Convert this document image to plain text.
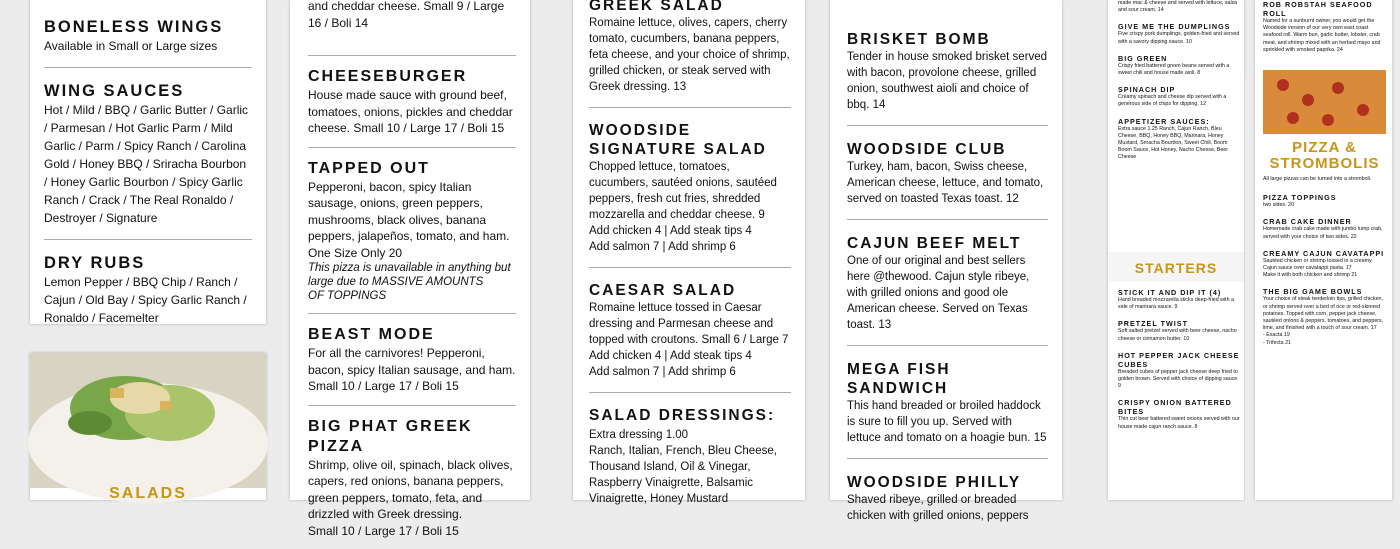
BONELESS WINGS
Available in Small or Large sizes
WING SAUCES
Hot / Mild / BBQ / Garlic Butter / Garlic / Parmesan / Hot Garlic Parm / Mild Garlic / Parm / Spicy Ranch / Carolina Gold / Honey BBQ / Sriracha Bourbon / Honey Garlic Bourbon / Spicy Garlic Ranch / Crack / The Real Ronaldo / Destroyer / Signature
DRY RUBS
Lemon Pepper / BBQ Chip / Ranch / Cajun / Old Bay / Spicy Garlic Ranch / Ronaldo / Facemelter
SALADS
and cheddar cheese. Small 9 / Large 16 / Boli 14
CHEESEBURGER
House made sauce with ground beef, tomatoes, onions, pickles and cheddar cheese. Small 10 / Large 17 / Boli 15
TAPPED OUT
Pepperoni, bacon, spicy Italian sausage, onions, green peppers, mushrooms, black olives, banana peppers, jalapeños, tomato, and ham. One Size Only 20
This pizza is unavailable in anything but large due to MASSIVE AMOUNTS
OF TOPPINGS
BEAST MODE
For all the carnivores! Pepperoni, bacon, spicy Italian sausage, and ham. Small 10 / Large 17 / Boli 15
BIG PHAT GREEK PIZZA
Shrimp, olive oil, spinach, black olives, capers, red onions, banana peppers, green peppers, tomato, feta, and drizzled with Greek dressing.
Small 10 / Large 17 / Boli 15
GREEK SALAD
Romaine lettuce, olives, capers, cherry tomato, cucumbers, banana peppers, feta cheese, and your choice of shrimp, grilled chicken, or steak served with Greek dressing. 13
WOODSIDE SIGNATURE SALAD
Chopped lettuce, tomatoes, cucumbers, sautéed onions, sautéed peppers, fresh cut fries, shredded mozzarella and cheddar cheese. 9
Add chicken 4 | Add steak tips 4
Add salmon 7 | Add shrimp 6
CAESAR SALAD
Romaine lettuce tossed in Caesar dressing and Parmesan cheese and topped with croutons. Small 6 / Large 7
Add chicken 4 | Add steak tips 4
Add salmon 7 | Add shrimp 6
SALAD DRESSINGS: Extra dressing 1.00
Ranch, Italian, French, Bleu Cheese, Thousand Island, Oil & Vinegar, Raspberry Vinaigrette, Balsamic Vinaigrette, Honey Mustard
BRISKET BOMB
Tender in house smoked brisket served with bacon, provolone cheese, grilled onion, southwest aioli and choice of bbq. 14
WOODSIDE CLUB
Turkey, ham, bacon, Swiss cheese, American cheese, lettuce, and tomato, served on toasted Texas toast. 12
CAJUN BEEF MELT
One of our original and best sellers here @thewood. Cajun style ribeye, with grilled onions and good ole American cheese. Served on Texas toast. 13
MEGA FISH SANDWICH
This hand breaded or broiled haddock is sure to fill you up. Served with lettuce and tomato on a hoagie bun. 15
WOODSIDE PHILLY
Shaved ribeye, grilled or breaded chicken with grilled onions, peppers
made mac & cheese and served with lettuce, salsa and sour cream. 14
GIVE ME THE DUMPLINGS
Five crispy pork dumplings, golden-fried and served with a savory dipping sauce. 10
BIG GREEN
Crispy fried battered green beans served with a sweet chili and house made aioli. 8
SPINACH DIP
Creamy spinach and cheese dip served with a generous side of chips for dipping. 12
APPETIZER SAUCES:
Extra sauce 1.25 Ranch, Cajun Ranch, Bleu Cheese, BBQ, Honey BBQ, Marinara, Honey Mustard, Sriracha Bourbon, Sweet Chili, Boom Boom Sauce, Hot Honey, Nacho Cheese, Beer Cheese
STARTERS
STICK IT AND DIP IT (4)
Hand breaded mozzarella sticks deep-fried with a side of marinara sauce. 9
PRETZEL TWIST
Soft salted pretzel served with beer cheese, nacho cheese or cinnamon butter. 10
HOT PEPPER JACK CHEESE CUBES
Breaded cubes of pepper jack cheese deep fried to golden brown. Served with choice of dipping sauce. 9
CRISPY ONION BATTERED BITES
Thin cut beer battered sweet onions served with our house made cajun ranch sauce. 8
ROB ROBSTAH SEAFOOD ROLL
Named for a sunburnt owner, you would get the Woodside version of our very own east coast seafood roll. Warm bun, garlic butter, lobster, crab meat, and shrimp mixed with an herbed mayo and sprinkled with smoked paprika. 24
PIZZA &
STROMBOLIS
All large pizzas can be turned into a stromboli.
PIZZA TOPPINGS
two sides. 20
CRAB CAKE DINNER
Homemade crab cake made with jumbo lump crab, served with your choice of two sides. 22
CREAMY CAJUN CAVATAPPI
Sautéed chicken or shrimp tossed in a creamy Cajun sauce over cavatappi pasta. 17
Make it with both chicken and shrimp 21
THE BIG GAME BOWLS
Your choice of steak tenderloin tips, grilled chicken, or shrimp served over a bed of rice or red-skinned potatoes. Topped with corn, pepper jack cheese, sautéed onions & peppers, tomatoes, and peppers, lime, and finished with a touch of sour cream. 17
- Exacta 19
- Trifecta 21
